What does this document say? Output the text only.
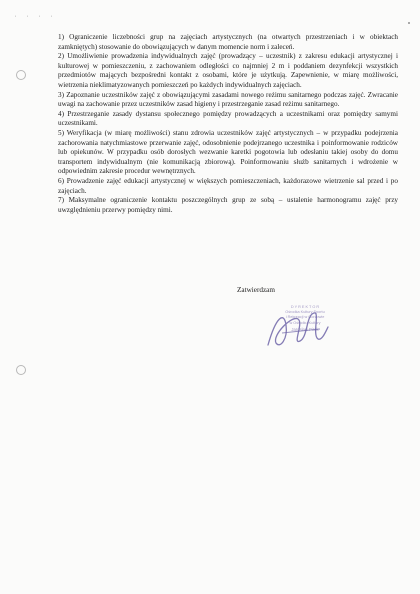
· · · ·

1) Ograniczenie liczebności grup na zajęciach artystycznych (na otwartych przestrzeniach i w obiektach zamkniętych) stosowanie do obowiązujących w danym momencie norm i zaleceń.

2) Umożliwienie prowadzenia indywidualnych zajęć (prowadzący – uczestnik) z zakresu edukacji artystycznej i kulturowej w pomieszczeniu, z zachowaniem odległości co najmniej 2 m i poddaniem dezynfekcji wszystkich przedmiotów mających bezpośredni kontakt z osobami, które je użytkują. Zapewnienie, w miarę możliwości, wietrzenia nieklimatyzowanych pomieszczeń po każdych indywidualnych zajęciach.

3) Zapoznanie uczestników zajęć z obowiązującymi zasadami nowego reżimu sanitarnego podczas zajęć. Zwracanie uwagi na zachowanie przez uczestników zasad higieny i przestrzeganie zasad reżimu sanitarnego.

4) Przestrzeganie zasady dystansu społecznego pomiędzy prowadzących a uczestnikami oraz pomiędzy samymi uczestnikami.

5) Weryfikacja (w miarę możliwości) stanu zdrowia uczestników zajęć artystycznych – w przypadku podejrzenia zachorowania natychmiastowe przerwanie zajęć, odosobnienie podejrzanego uczestnika i poinformowanie rodziców lub opiekunów. W przypadku osób dorosłych wezwanie karetki pogotowia lub odesłaniu takiej osoby do domu transportem indywidualnym (nie komunikacją zbiorową). Poinformowaniu służb sanitarnych i wdrożenie w odpowiednim zakresie procedur wewnętrznych.

6) Prowadzenie zajęć edukacji artystycznej w większych pomieszczeniach, każdorazowe wietrzenie sal przed i po zajęciach.

7) Maksymalne ograniczenie kontaktu poszczególnych grup ze sobą – ustalenie harmonogramu zajęć przy uwzględnieniu przerwy pomiędzy nimi.

Zatwierdzam
D Y R E K T O R
Ośrodka Kultury Sportu
i Rekreacji w Gorzowie
w Ośrodku Kultury
Jarosław Pirek
